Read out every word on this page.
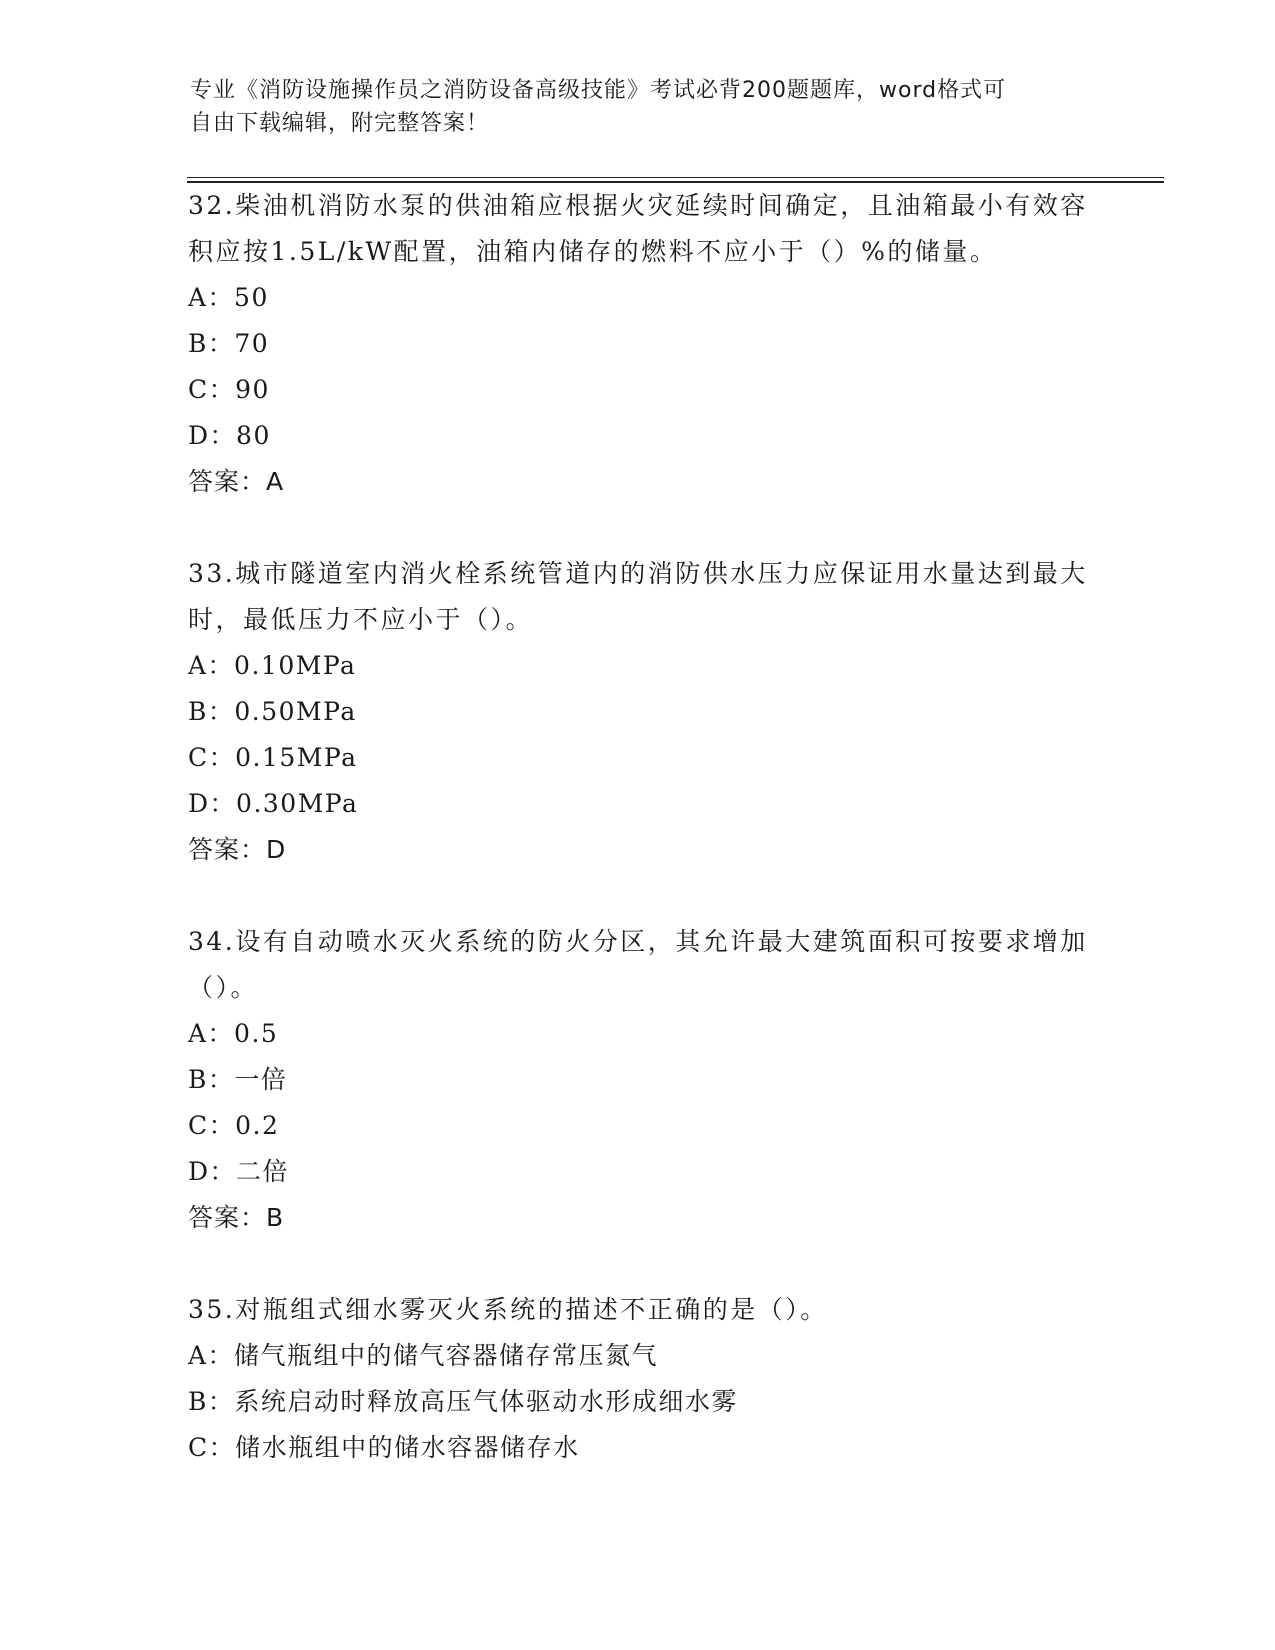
专业《消防设施操作员之消防设备高级技能》考试必背200题题库，word格式可
自由下载编辑，附完整答案！

32.柴油机消防水泵的供油箱应根据火灾延续时间确定，且油箱最小有效容积应按1.5L/kW配置，油箱内储存的燃料不应小于（）%的储量。

A：50
B：70
C：90
D：80
答案：A

33.城市隧道室内消火栓系统管道内的消防供水压力应保证用水量达到最大时，最低压力不应小于（）。

A：0.10MPa
B：0.50MPa
C：0.15MPa
D：0.30MPa
答案：D

34.设有自动喷水灭火系统的防火分区，其允许最大建筑面积可按要求增加（）。

A：0.5
B：一倍
C：0.2
D：二倍
答案：B

35.对瓶组式细水雾灭火系统的描述不正确的是（）。

A：储气瓶组中的储气容器储存常压氮气
B：系统启动时释放高压气体驱动水形成细水雾
C：储水瓶组中的储水容器储存水
